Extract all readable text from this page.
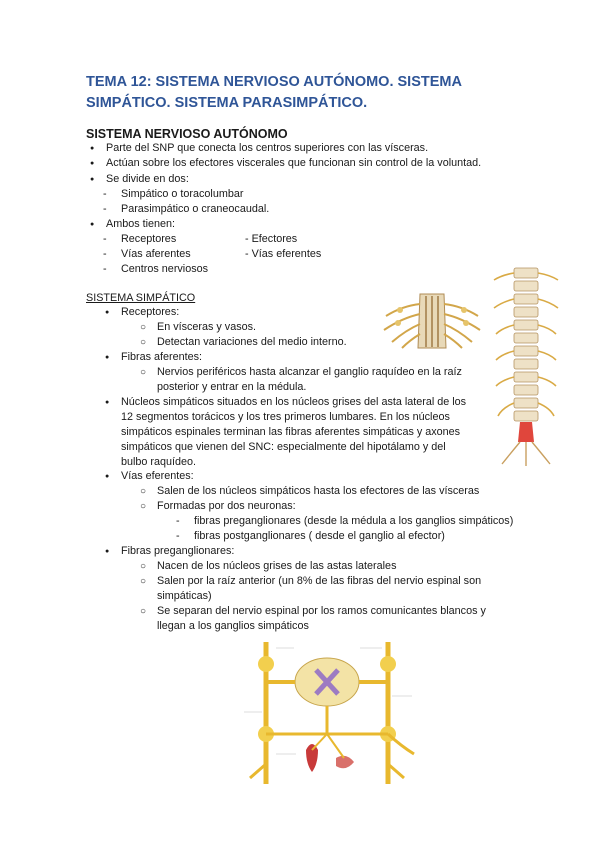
TEMA 12: SISTEMA NERVIOSO AUTÓNOMO. SISTEMA SIMPÁTICO. SISTEMA PARASIMPÁTICO.
SISTEMA NERVIOSO AUTÓNOMO
● Parte del SNP que conecta los centros superiores con las vísceras.
● Actúan sobre los efectores viscerales que funcionan sin control de la voluntad.
● Se divide en dos:
- Simpático o toracolumbar
- Parasimpático o craneocaudal.
● Ambos tienen:
- Receptores	- Efectores
- Vías aferentes	- Vías eferentes
- Centros nerviosos
SISTEMA SIMPÁTICO
● Receptores:
○ En vísceras y vasos.
○ Detectan variaciones del medio interno.
● Fibras aferentes:
○ Nervios periféricos hasta alcanzar el ganglio raquídeo en la raíz
posterior y entrar en la médula.
● Núcleos simpáticos situados en los núcleos grises del asta lateral de los
12 segmentos torácicos y los tres primeros lumbares. En los núcleos
simpáticos espinales terminan las fibras aferentes simpáticas y axones
simpáticos que vienen del SNC: especialmente del hipotálamo y del
bulbo raquídeo.
● Vías eferentes:
○ Salen de los núcleos simpáticos hasta los efectores de las vísceras
○ Formadas por dos neuronas:
- fibras preganglionares (desde la médula a los ganglios simpáticos)
- fibras postganglionares ( desde el ganglio al efector)
● Fibras preganglionares:
○ Nacen de los núcleos grises de las astas laterales
○ Salen por la raíz anterior (un 8% de las fibras del nervio espinal son
simpáticas)
○ Se separan del nervio espinal por los ramos comunicantes blancos y
llegan a los ganglios simpáticos
